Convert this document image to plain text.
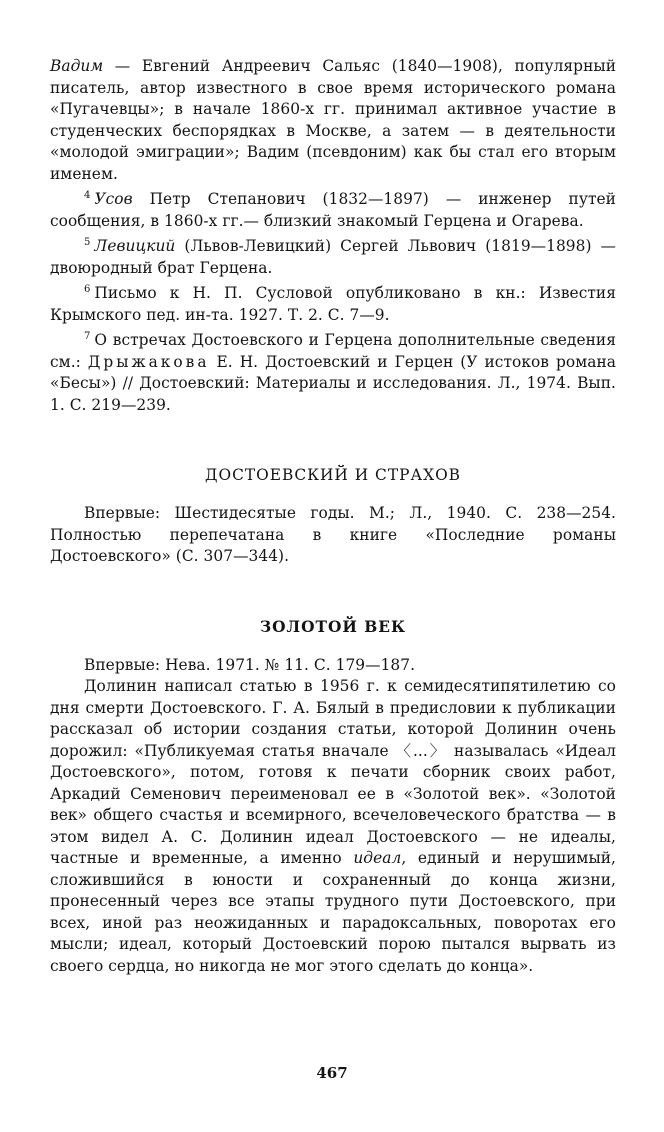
Вадим — Евгений Андреевич Сальяс (1840—1908), популярный писатель, автор известного в свое время исторического романа «Пугачевцы»; в начале 1860-х гг. принимал активное участие в студенческих беспорядках в Москве, а затем — в деятельности «молодой эмиграции»; Вадим (псевдоним) как бы стал его вторым именем.

$^4$ Усов Петр Степанович (1832—1897) — инженер путей сообщения, в 1860-х гг.— близкий знакомый Герцена и Огарева.

$^5$ Левицкий (Львов-Левицкий) Сергей Львович (1819—1898) — двоюродный брат Герцена.

$^6$ Письмо к Н. П. Сусловой опубликовано в кн.: Известия Крымского пед. ин-та. 1927. Т. 2. С. 7—9.

$^7$ О встречах Достоевского и Герцена дополнительные сведения см.: Дрыжакова Е. Н. Достоевский и Герцен (У истоков романа «Бесы») // Достоевский: Материалы и исследования. Л., 1974. Вып. 1. С. 219—239.

ДОСТОЕВСКИЙ И СТРАХОВ

Впервые: Шестидесятые годы. М.; Л., 1940. С. 238—254. Полностью перепечатана в книге «Последние романы Достоевского» (С. 307—344).

ЗОЛОТОЙ ВЕК

Впервые: Нева. 1971. № 11. С. 179—187.

Долинин написал статью в 1956 г. к семидесятипятилетию со дня смерти Достоевского. Г. А. Бялый в предисловии к публикации рассказал об истории создания статьи, которой Долинин очень дорожил: «Публикуемая статья вначале 〈...〉 называлась «Идеал Достоевского», потом, готовя к печати сборник своих работ, Аркадий Семенович переименовал ее в «Золотой век». «Золотой век» общего счастья и всемирного, всечеловеческого братства — в этом видел А. С. Долинин идеал Достоевского — не идеалы, частные и временные, а именно идеал, единый и нерушимый, сложившийся в юности и сохраненный до конца жизни, пронесенный через все этапы трудного пути Достоевского, при всех, иной раз неожиданных и парадоксальных, поворотах его мысли; идеал, который Достоевский порою пытался вырвать из своего сердца, но никогда не мог этого сделать до конца».

467
